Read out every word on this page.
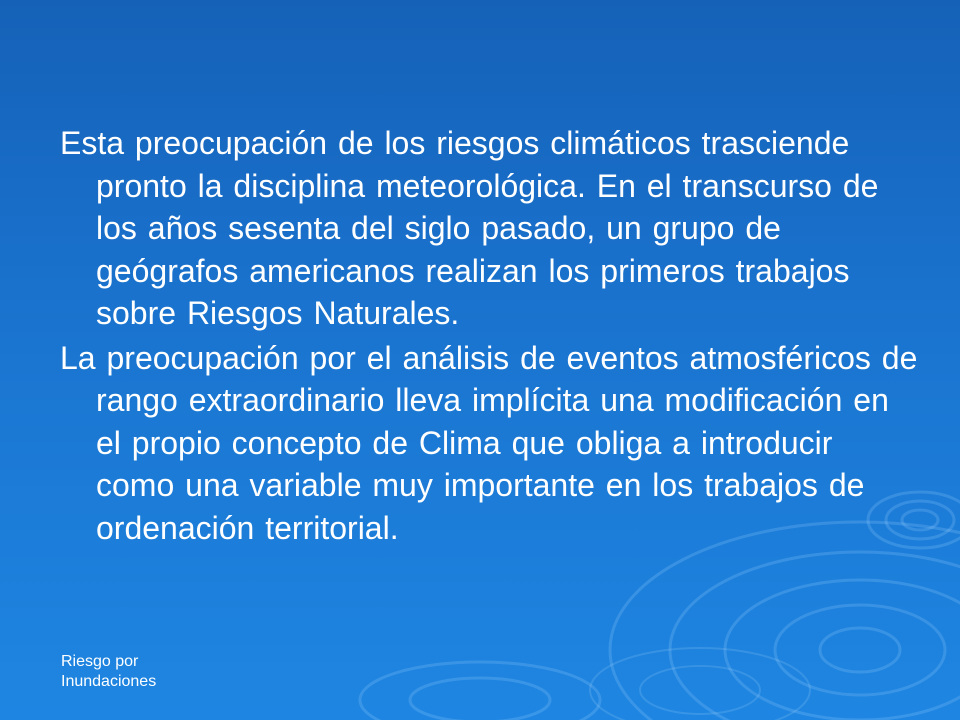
Esta preocupación de los riesgos climáticos trasciende pronto la disciplina meteorológica. En el transcurso de los años sesenta del siglo pasado, un grupo de geógrafos americanos realizan los primeros trabajos sobre Riesgos Naturales.
La preocupación por el análisis de eventos atmosféricos de rango extraordinario lleva implícita una modificación en el propio concepto de Clima que obliga a introducir como una variable muy importante en los trabajos de ordenación territorial.
Riesgo por Inundaciones
